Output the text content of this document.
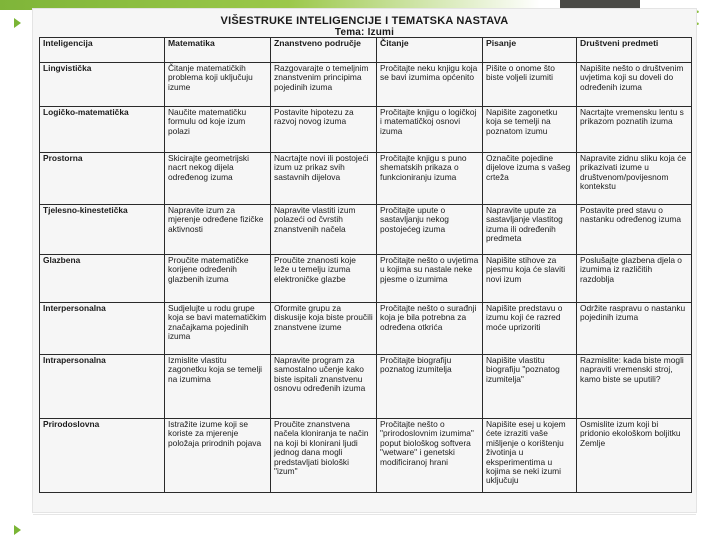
•
•
VIŠESTRUKE INTELIGENCIJE I TEMATSKA NASTAVA
Tema: Izumi
Inteligencija	Matematika	Znanstveno područje	Čitanje	Pisanje	Društveni predmeti
Lingvistička	Čitanje matematičkih problema koji uključuju izume	Razgovarajte o temeljnim znanstvenim principima pojedinih izuma	Pročitajte neku knjigu koja se bavi izumima općenito	Pišite o onome što biste voljeli izumiti	Napišite nešto o društvenim uvjetima koji su doveli do određenih izuma
Logičko-matematička	Naučite matematičku formulu od koje izum polazi	Postavite hipotezu za razvoj novog izuma	Pročitajte knjigu o logičkoj i matematičkoj osnovi izuma	Napišite zagonetku koja se temelji na poznatom izumu	Nacrtajte vremensku lentu s prikazom poznatih izuma
Prostorna	Skicirajte geometrijski nacrt nekog dijela određenog izuma	Nacrtajte novi ili postojeći izum uz prikaz svih sastavnih dijelova	Pročitajte knjigu s puno shematskih prikaza o funkcioniranju izuma	Označite pojedine dijelove izuma s vašeg crteža	Napravite zidnu sliku koja će prikazivati izume u društvenom/povijesnom kontekstu
Tjelesno-kinestetička	Napravite izum za mjerenje određene fizičke aktivnosti	Napravite vlastiti izum polazeći od čvrstih znanstvenih načela	Pročitajte upute o sastavljanju nekog postojećeg izuma	Napravite upute za sastavljanje vlastitog izuma ili određenih predmeta	Postavite pred stavu o nastanku određenog izuma
Glazbena	Proučite matematičke korijene određenih glazbenih izuma	Proučite znanosti koje leže u temelju izuma elektroničke glazbe	Pročitajte nešto o uvjetima u kojima su nastale neke pjesme o izumima	Napišite stihove za pjesmu koja će slaviti novi izum	Poslušajte glazbena djela o izumima iz različitih razdoblja
Interpersonalna	Sudjelujte u rodu grupe koja se bavi matematičkim značajkama pojedinih izuma	Oformite grupu za diskusije koja biste proučili znanstvene izume	Pročitajte nešto o surađnji koja je bila potrebna za određena otkrića	Napišite predstavu o izumu koji će razred moće uprizoriti	Održite raspravu o nastanku pojedinih izuma
Intrapersonalna	Izmislite vlastitu zagonetku koja se temelji na izumima	Napravite program za samostalno učenje kako biste ispitali znanstvenu osnovu određenih izuma	Pročitajte biografiju poznatog izumitelja	Napišite vlastitu biografiju "poznatog izumitelja"	Razmislite: kada biste mogli napraviti vremenski stroj, kamo biste se uputili?
Prirodoslovna	Istražite izume koji se koriste za mjerenje položaja prirodnih pojava	Proučite znanstvena načela kloniranja te način na koji bi klonirani ljudi jednog dana mogli predstavljati biološki "izum"	Pročitajte nešto o "prirodoslovnim izumima" poput biološkog softvera "wetware" i genetski modificiranoj hrani	Napišite esej u kojem ćete izraziti vaše mišljenje o korištenju životinja u eksperimentima u kojima se neki izumi uključuju	Osmislite izum koji bi pridonio ekološkom boljitku Zemlje
